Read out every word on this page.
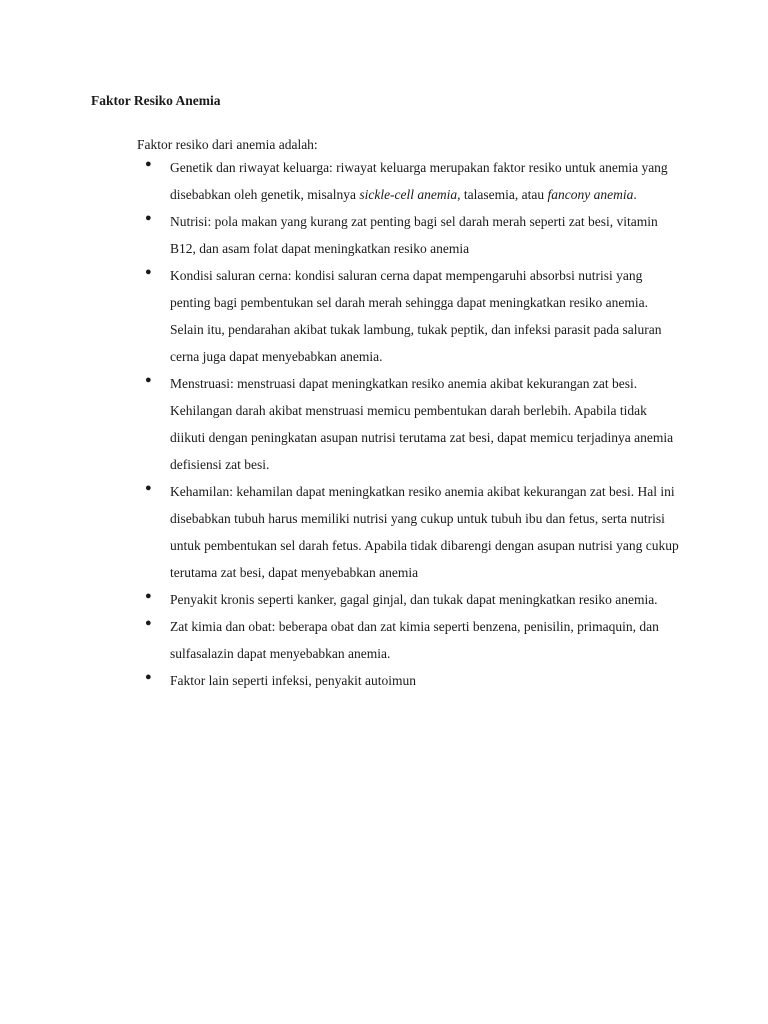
Faktor Resiko Anemia

Faktor resiko dari anemia adalah:

● Genetik dan riwayat keluarga: riwayat keluarga merupakan faktor resiko untuk anemia yang disebabkan oleh genetik, misalnya sickle-cell anemia, talasemia, atau fancony anemia.
● Nutrisi: pola makan yang kurang zat penting bagi sel darah merah seperti zat besi, vitamin B12, dan asam folat dapat meningkatkan resiko anemia
● Kondisi saluran cerna: kondisi saluran cerna dapat mempengaruhi absorbsi nutrisi yang penting bagi pembentukan sel darah merah sehingga dapat meningkatkan resiko anemia. Selain itu, pendarahan akibat tukak lambung, tukak peptik, dan infeksi parasit pada saluran cerna juga dapat menyebabkan anemia.
● Menstruasi: menstruasi dapat meningkatkan resiko anemia akibat kekurangan zat besi. Kehilangan darah akibat menstruasi memicu pembentukan darah berlebih. Apabila tidak diikuti dengan peningkatan asupan nutrisi terutama zat besi, dapat memicu terjadinya anemia defisiensi zat besi.
● Kehamilan: kehamilan dapat meningkatkan resiko anemia akibat kekurangan zat besi. Hal ini disebabkan tubuh harus memiliki nutrisi yang cukup untuk tubuh ibu dan fetus, serta nutrisi untuk pembentukan sel darah fetus. Apabila tidak dibarengi dengan asupan nutrisi yang cukup terutama zat besi, dapat menyebabkan anemia
● Penyakit kronis seperti kanker, gagal ginjal, dan tukak dapat meningkatkan resiko anemia.
● Zat kimia dan obat: beberapa obat dan zat kimia seperti benzena, penisilin, primaquin, dan sulfasalazin dapat menyebabkan anemia.
● Faktor lain seperti infeksi, penyakit autoimun
